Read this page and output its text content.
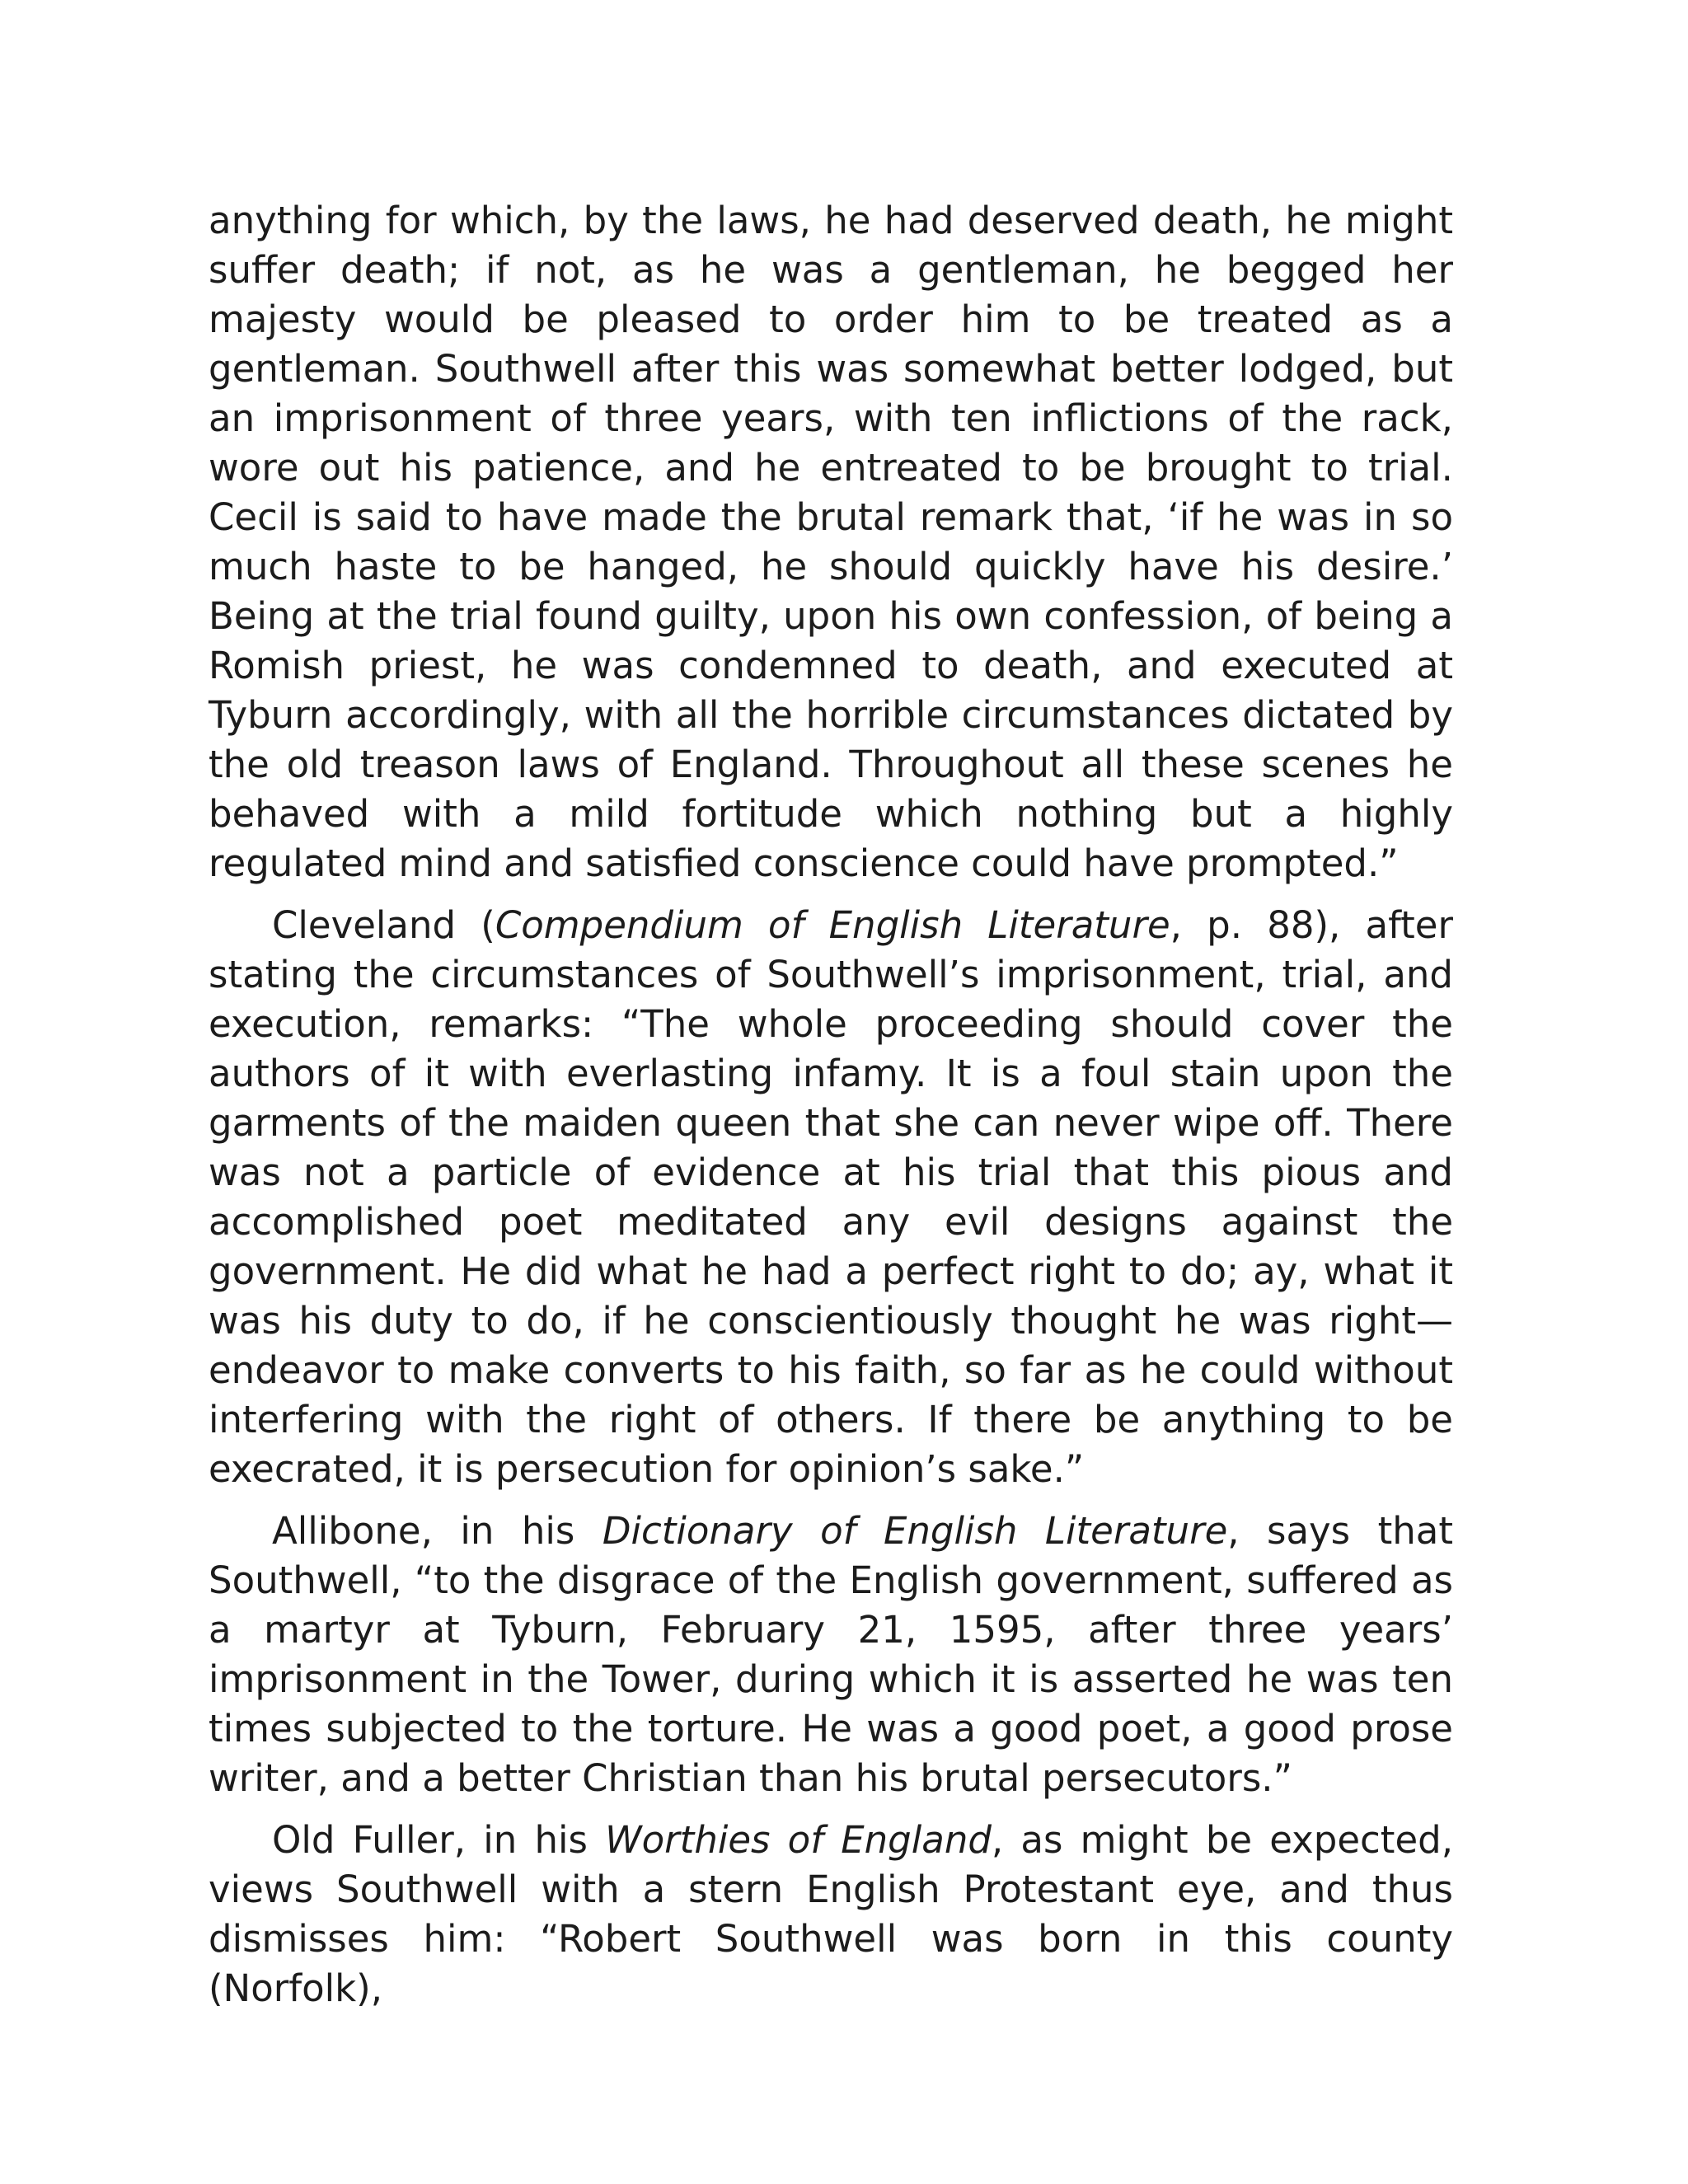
anything for which, by the laws, he had deserved death, he might suffer death; if not, as he was a gentleman, he begged her majesty would be pleased to order him to be treated as a gentleman. Southwell after this was somewhat better lodged, but an imprisonment of three years, with ten inflictions of the rack, wore out his patience, and he entreated to be brought to trial. Cecil is said to have made the brutal remark that, ‘if he was in so much haste to be hanged, he should quickly have his desire.’ Being at the trial found guilty, upon his own confession, of being a Romish priest, he was condemned to death, and executed at Tyburn accordingly, with all the horrible circumstances dictated by the old treason laws of England. Throughout all these scenes he behaved with a mild fortitude which nothing but a highly regulated mind and satisfied conscience could have prompted.”

Cleveland (Compendium of English Literature, p. 88), after stating the circumstances of Southwell’s imprisonment, trial, and execution, remarks: “The whole proceeding should cover the authors of it with everlasting infamy. It is a foul stain upon the garments of the maiden queen that she can never wipe off. There was not a particle of evidence at his trial that this pious and accomplished poet meditated any evil designs against the government. He did what he had a perfect right to do; ay, what it was his duty to do, if he conscientiously thought he was right—endeavor to make converts to his faith, so far as he could without interfering with the right of others. If there be anything to be execrated, it is persecution for opinion’s sake.”

Allibone, in his Dictionary of English Literature, says that Southwell, “to the disgrace of the English government, suffered as a martyr at Tyburn, February 21, 1595, after three years’ imprisonment in the Tower, during which it is asserted he was ten times subjected to the torture. He was a good poet, a good prose writer, and a better Christian than his brutal persecutors.”

Old Fuller, in his Worthies of England, as might be expected, views Southwell with a stern English Protestant eye, and thus dismisses him: “Robert Southwell was born in this county (Norfolk),
